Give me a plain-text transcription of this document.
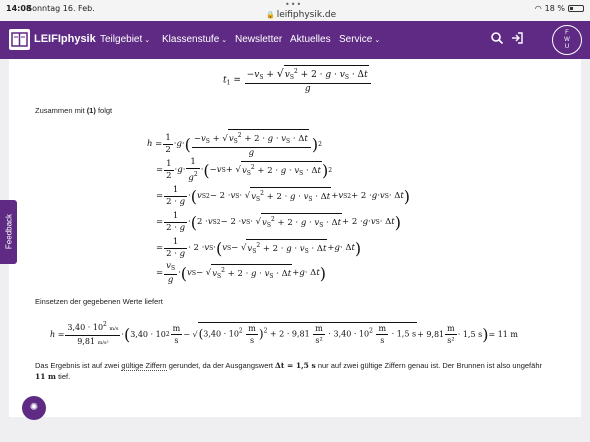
14:08
Sonntag 16. Feb.	•••
🔒 leifiphysik.de
◠ 18 %
LEIFIphysik Teilgebiet ⌄ Klassenstufe ⌄ Newsletter Aktuelles Service ⌄
F
W
U
$t_1 = \frac{-v_S + √v_S^2 + 2 \cdot g \cdot v_S \cdot \Delta t}{g}$
Zusammen mit (1) folgt
$h = \frac{1}{2} \cdot g$ · ( $\frac{-v_S + √v_S^2 + 2 \cdot g \cdot v_S \cdot \Delta t}{g}$ ) 2
= $\frac{1}{2} \cdot g \cdot \frac{1}{g^2}$ · ( − v S + √ $v_S^2 + 2 \cdot g \cdot v_S \cdot \Delta t$ ) 2
= $\frac{1}{2 \cdot g}$ · ( v S 2 − 2 · v S · √ $v_S^2 + 2 \cdot g \cdot v_S \cdot \Delta t + v$ S 2 + 2 · g · v S · Δ t )
= $\frac{1}{2 \cdot g}$ · ( 2 · v S 2 − 2 · v S · √ $v_S^2 + 2 \cdot g \cdot v_S \cdot \Delta t + 2 \cdot g \cdot v$ S · Δ t )
= $\frac{1}{2 \cdot g} \cdot 2 \cdot v$ S · ( v S − √ $v_S^2 + 2 \cdot g \cdot v_S \cdot \Delta t + g \cdot \Delta$ t )
= $\frac{v_S}{g}$ · ( v S − √ $v_S^2 + 2 \cdot g \cdot v_S \cdot \Delta t + g \cdot \Delta$ t )
Einsetzen der gegebenen Werte liefert
$h = \frac{3,40 \cdot 10^2 m/s}{\text{9,81 m/s²}}$ · ( 3,40 · 10 $2 \frac{m}{s}$ − √ $(3,40 \cdot 10^2 \frac{m}{s} )^2 + 2 \cdot 9,81 \frac{m}{\text{s²}} \cdot 3,40 \cdot 10^2 \frac{m}{s} \cdot 1,5$ $s + 9,81 \frac{m}{\text{s²}} \cdot 1,5$ s ) = 11 m
Das Ergebnis ist auf zwei gültige Ziffern gerundet, da der Ausgangswert Δt = 1,5 s nur auf zwei gültige Ziffern genau ist. Der Brunnen ist also ungefähr 11 m tief.
Feedback
✺
